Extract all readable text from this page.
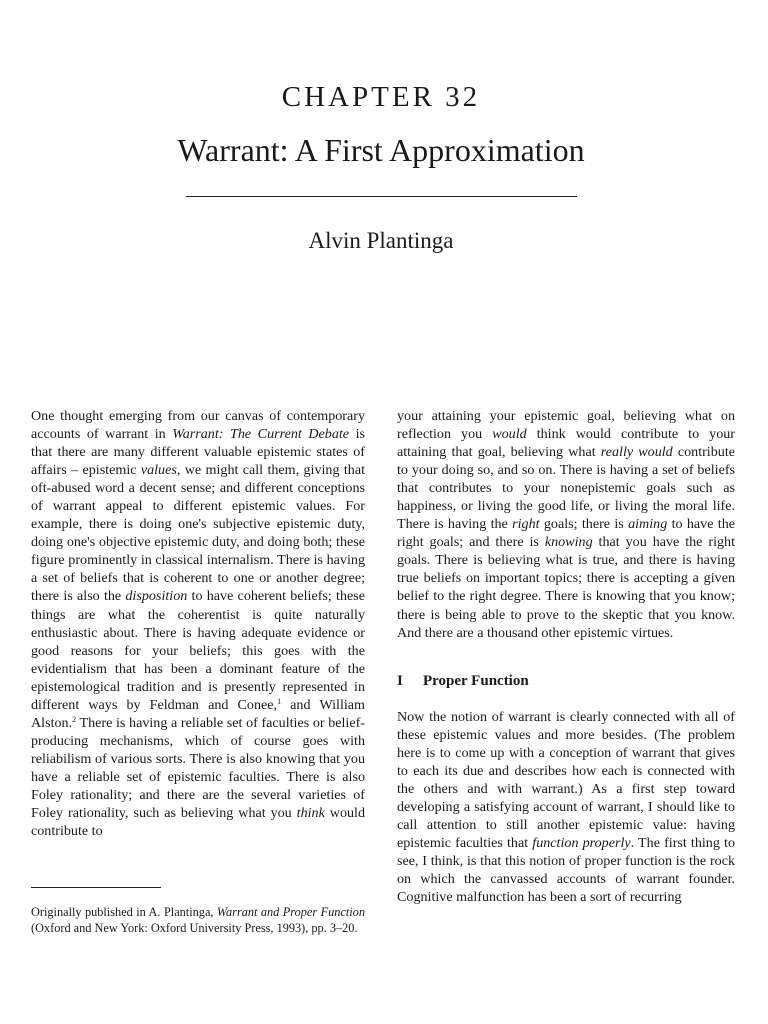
CHAPTER 32
Warrant: A First Approximation
Alvin Plantinga

One thought emerging from our canvas of contemporary accounts of warrant in Warrant: The Current Debate is that there are many different valuable epistemic states of affairs – epistemic values, we might call them, giving that oft-abused word a decent sense; and different conceptions of warrant appeal to different epistemic values. For example, there is doing one's subjective epistemic duty, doing one's objective epistemic duty, and doing both; these figure prominently in classical internalism. There is having a set of beliefs that is coherent to one or another degree; there is also the disposition to have coherent beliefs; these things are what the coherentist is quite naturally enthusiastic about. There is having adequate evidence or good reasons for your beliefs; this goes with the evidentialism that has been a dominant feature of the epistemological tradition and is presently represented in different ways by Feldman and Conee,$^1$ and William Alston.$^2$ There is having a reliable set of faculties or belief-producing mechanisms, which of course goes with reliabilism of various sorts. There is also knowing that you have a reliable set of epistemic faculties. There is also Foley rationality; and there are the several varieties of Foley rationality, such as believing what you think would contribute to

your attaining your epistemic goal, believing what on reflection you would think would contribute to your attaining that goal, believing what really would contribute to your doing so, and so on. There is having a set of beliefs that contributes to your nonepistemic goals such as happiness, or living the good life, or living the moral life. There is having the right goals; there is aiming to have the right goals; and there is knowing that you have the right goals. There is believing what is true, and there is having true beliefs on important topics; there is accepting a given belief to the right degree. There is knowing that you know; there is being able to prove to the skeptic that you know. And there are a thousand other epistemic virtues.

I Proper Function

Now the notion of warrant is clearly connected with all of these epistemic values and more besides. (The problem here is to come up with a conception of warrant that gives to each its due and describes how each is connected with the others and with warrant.) As a first step toward developing a satisfying account of warrant, I should like to call attention to still another epistemic value: having epistemic faculties that function properly. The first thing to see, I think, is that this notion of proper function is the rock on which the canvassed accounts of warrant founder. Cognitive malfunction has been a sort of recurring

Originally published in A. Plantinga, Warrant and Proper Function (Oxford and New York: Oxford University Press, 1993), pp. 3–20.
